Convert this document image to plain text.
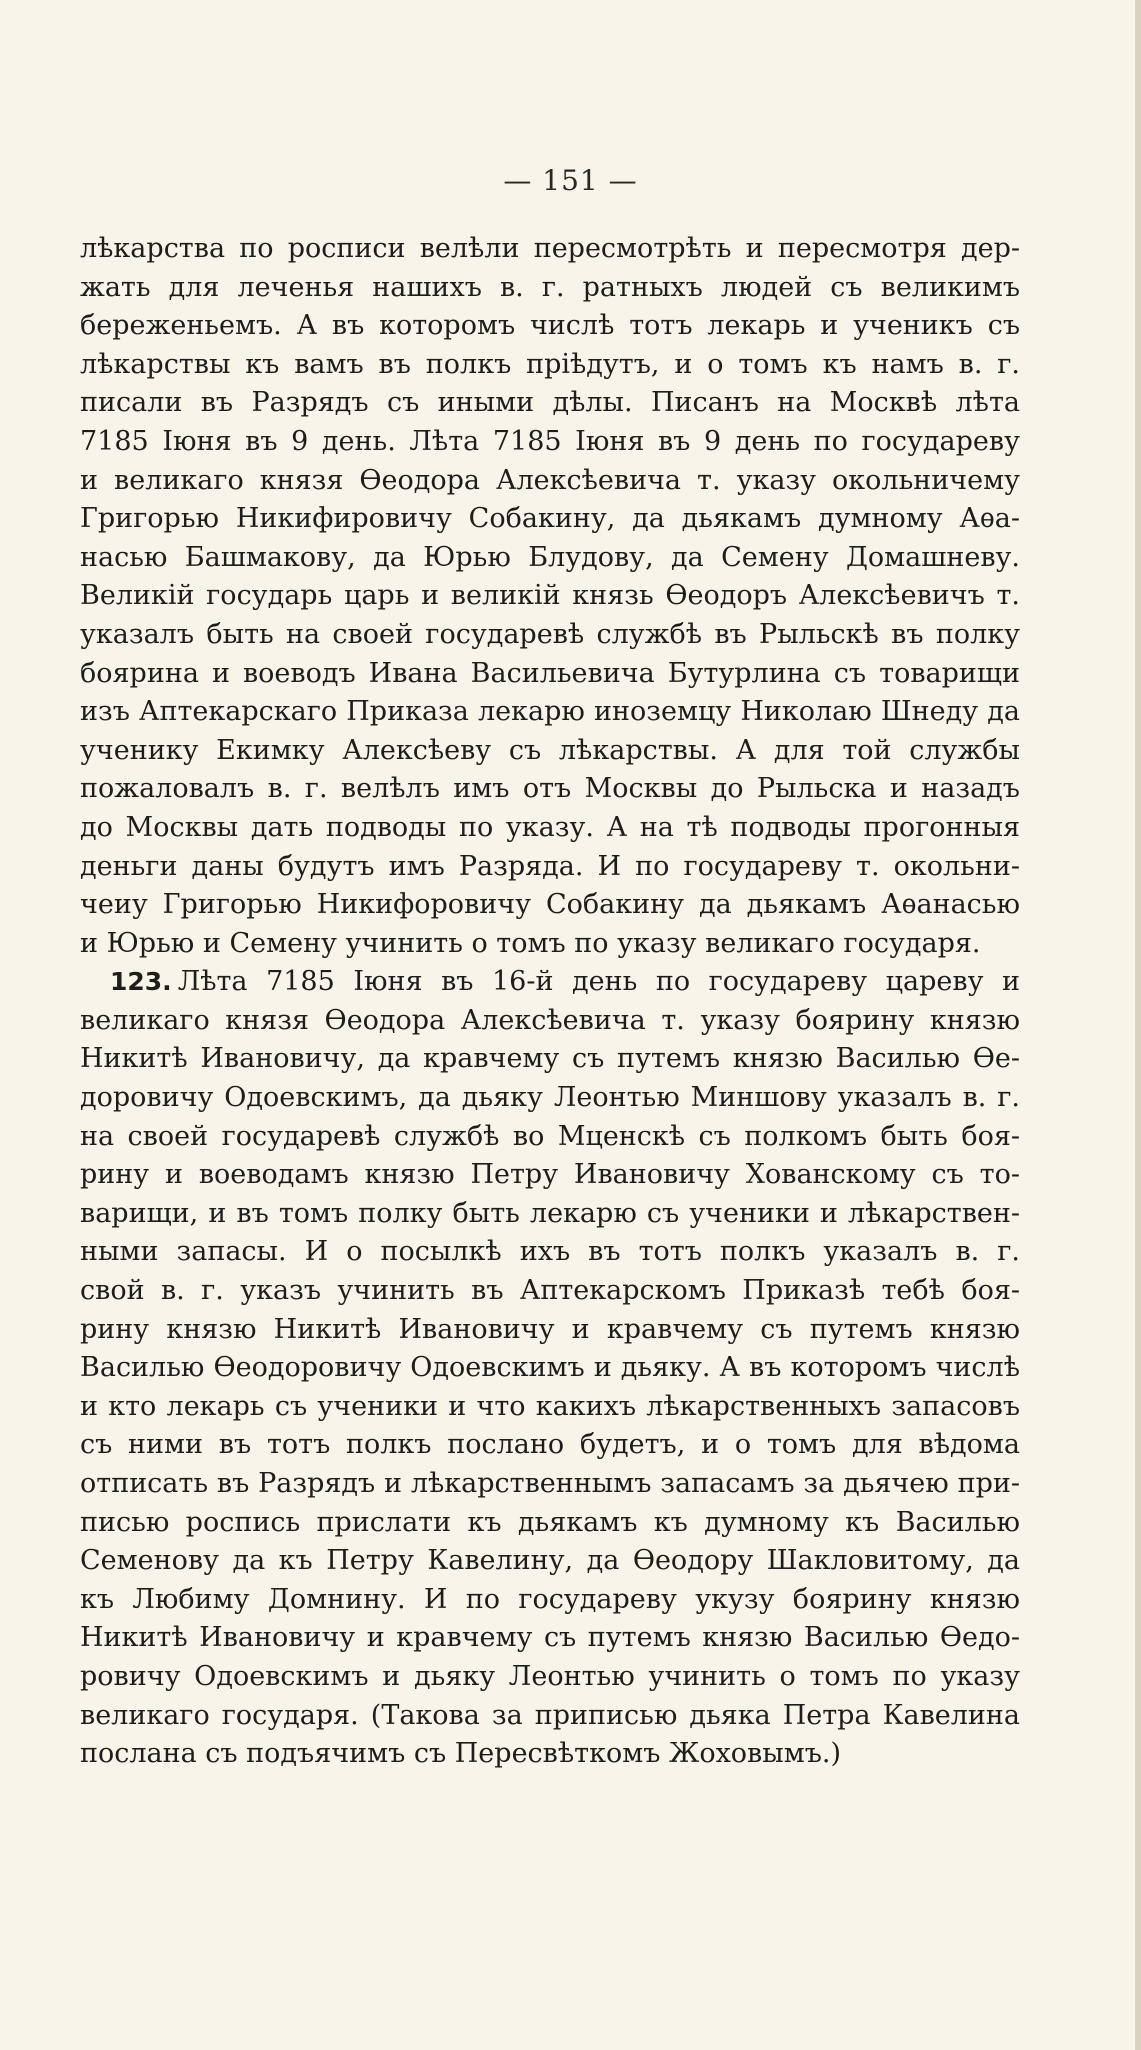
— 151 —
лѣкарства по росписи велѣли пересмотрѣть и пересмотря дер-
жать для леченья нашихъ в. г. ратныхъ людей съ великимъ
береженьемъ. А въ которомъ числѣ тотъ лекарь и ученикъ съ
лѣкарствы къ вамъ въ полкъ прiѣдутъ, и о томъ къ намъ в. г.
писали въ Разрядъ съ иными дѣлы. Писанъ на Москвѣ лѣта
7185 Iюня въ 9 день. Лѣта 7185 Iюня въ 9 день по государеву
и великаго князя Ѳеодора Алексѣевича т. указу окольничему
Григорью Никифировичу Собакину, да дьякамъ думному Аѳа-
насью Башмакову, да Юрью Блудову, да Семену Домашневу.
Великiй государь царь и великiй князь Ѳеодоръ Алексѣевичъ т.
указалъ быть на своей государевѣ службѣ въ Рыльскѣ въ полку
боярина и воеводъ Ивана Васильевича Бутурлина съ товарищи
изъ Аптекарскаго Приказа лекарю иноземцу Николаю Шнеду да
ученику Екимку Алексѣеву съ лѣкарствы. А для той службы
пожаловалъ в. г. велѣлъ имъ отъ Москвы до Рыльска и назадъ
до Москвы дать подводы по указу. А на тѣ подводы прогонныя
деньги даны будутъ имъ Разряда. И по государеву т. окольни-
чеиу Григорью Никифоровичу Собакину да дьякамъ Аѳанасью
и Юрью и Семену учинить о томъ по указу великаго государя.
123. Лѣта 7185 Iюня въ 16-й день по государеву цареву и
великаго князя Ѳеодора Алексѣевича т. указу боярину князю
Никитѣ Ивановичу, да кравчему съ путемъ князю Василью Ѳе-
доровичу Одоевскимъ, да дьяку Леонтью Миншову указалъ в. г.
на своей государевѣ службѣ во Мценскѣ съ полкомъ быть боя-
рину и воеводамъ князю Петру Ивановичу Хованскому съ то-
варищи, и въ томъ полку быть лекарю съ ученики и лѣкарствен-
ными запасы. И о посылкѣ ихъ въ тотъ полкъ указалъ в. г.
свой в. г. указъ учинить въ Аптекарскомъ Приказѣ тебѣ боя-
рину князю Никитѣ Ивановичу и кравчему съ путемъ князю
Василью Ѳеодоровичу Одоевскимъ и дьяку. А въ которомъ числѣ
и кто лекарь съ ученики и что какихъ лѣкарственныхъ запасовъ
съ ними въ тотъ полкъ послано будетъ, и о томъ для вѣдома
отписать въ Разрядъ и лѣкарственнымъ запасамъ за дьячею при-
писью роспись прислати къ дьякамъ къ думному къ Василью
Семенову да къ Петру Кавелину, да Ѳеодору Шакловитому, да
къ Любиму Домнину. И по государеву укузу боярину князю
Никитѣ Ивановичу и кравчему съ путемъ князю Василью Ѳедо-
ровичу Одоевскимъ и дьяку Леонтью учинить о томъ по указу
великаго государя. (Такова за приписью дьяка Петра Кавелина
послана съ подъячимъ съ Пересвѣткомъ Жоховымъ.)
